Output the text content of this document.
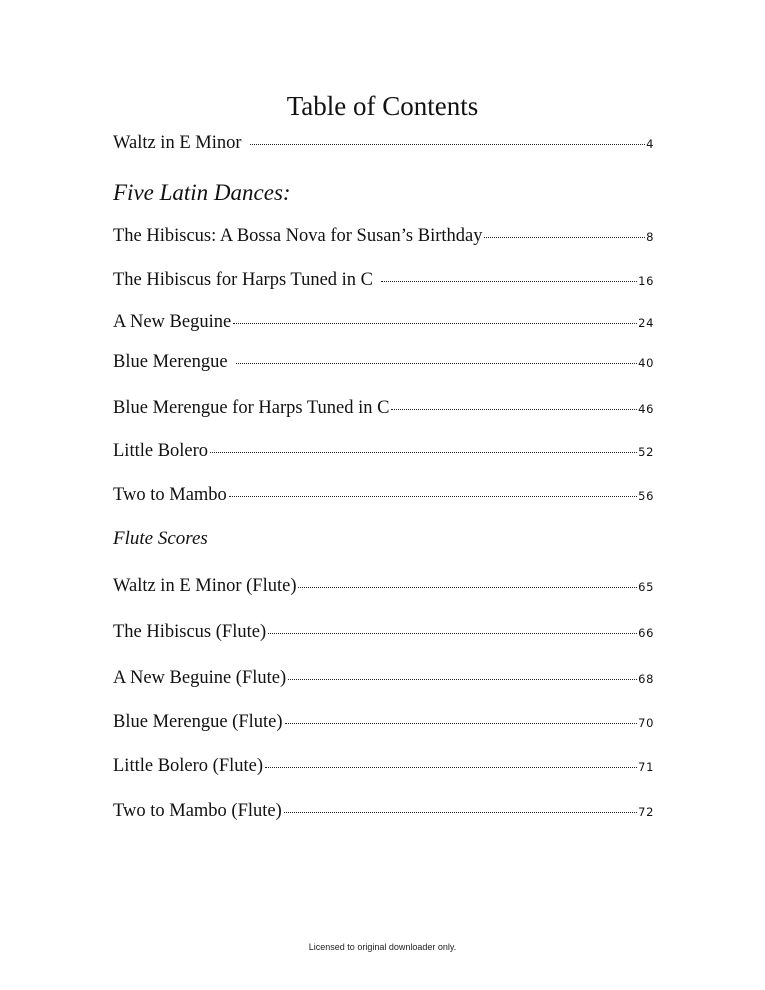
Table of Contents
Waltz in E Minor	4
Five Latin Dances:
The Hibiscus: A Bossa Nova for Susan’s Birthday	8
The Hibiscus for Harps Tuned in C	16
A New Beguine	24
Blue Merengue	40
Blue Merengue for Harps Tuned in C	46
Little Bolero	52
Two to Mambo	56
Flute Scores
Waltz in E Minor (Flute)	65
The Hibiscus (Flute)	66
A New Beguine (Flute)	68
Blue Merengue (Flute)	70
Little Bolero (Flute)	71
Two to Mambo (Flute)	72
Licensed to original downloader only.
